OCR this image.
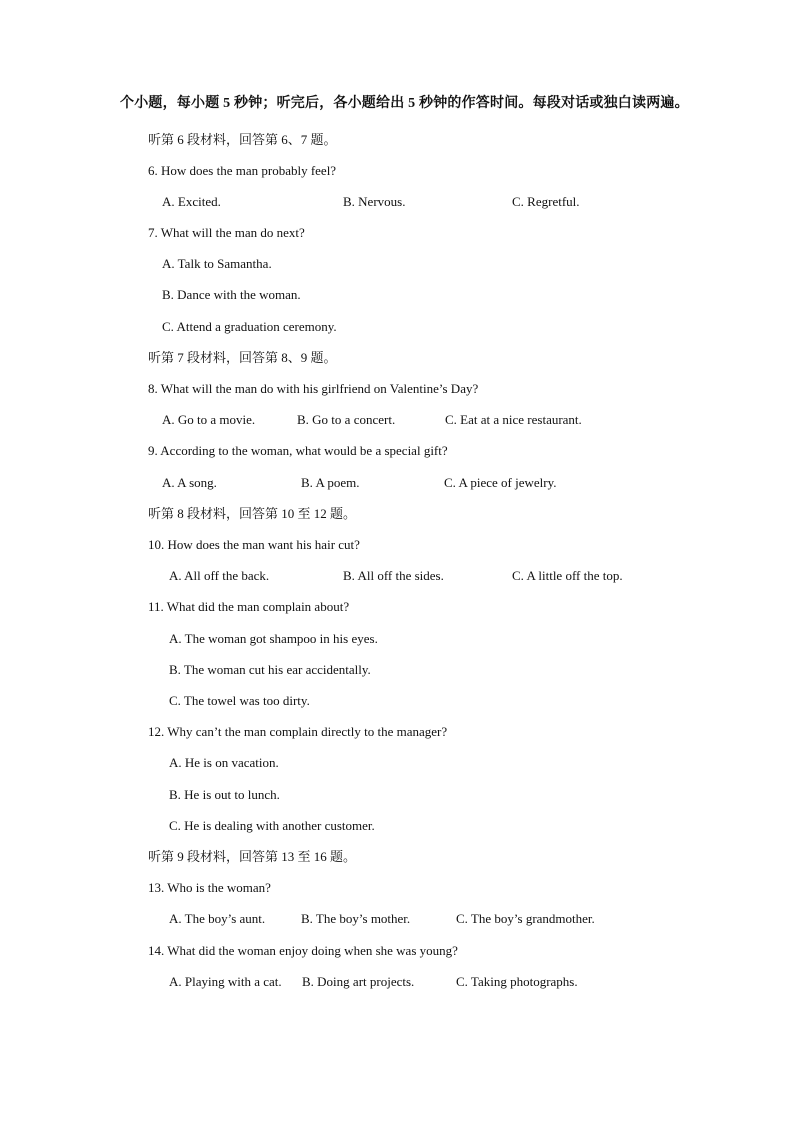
个小题，每小题 5 秒钟；听完后，各小题给出 5 秒钟的作答时间。每段对话或独白读两遍。
听第 6 段材料，回答第 6、7 题。
6. How does the man probably feel?
A. Excited.	B. Nervous.	C. Regretful.
7. What will the man do next?
A. Talk to Samantha.
B. Dance with the woman.
C. Attend a graduation ceremony.
听第 7 段材料，回答第 8、9 题。
8. What will the man do with his girlfriend on Valentine’s Day?
A. Go to a movie.	B. Go to a concert.	C. Eat at a nice restaurant.
9. According to the woman, what would be a special gift?
A. A song.	B. A poem.	C. A piece of jewelry.
听第 8 段材料，回答第 10 至 12 题。
10. How does the man want his hair cut?
A. All off the back.	B. All off the sides.	C. A little off the top.
11. What did the man complain about?
A. The woman got shampoo in his eyes.
B. The woman cut his ear accidentally.
C. The towel was too dirty.
12. Why can’t the man complain directly to the manager?
A. He is on vacation.
B. He is out to lunch.
C. He is dealing with another customer.
听第 9 段材料，回答第 13 至 16 题。
13. Who is the woman?
A. The boy’s aunt.	B. The boy’s mother.	C. The boy’s grandmother.
14. What did the woman enjoy doing when she was young?
A. Playing with a cat. B. Doing art projects.	C. Taking photographs.
